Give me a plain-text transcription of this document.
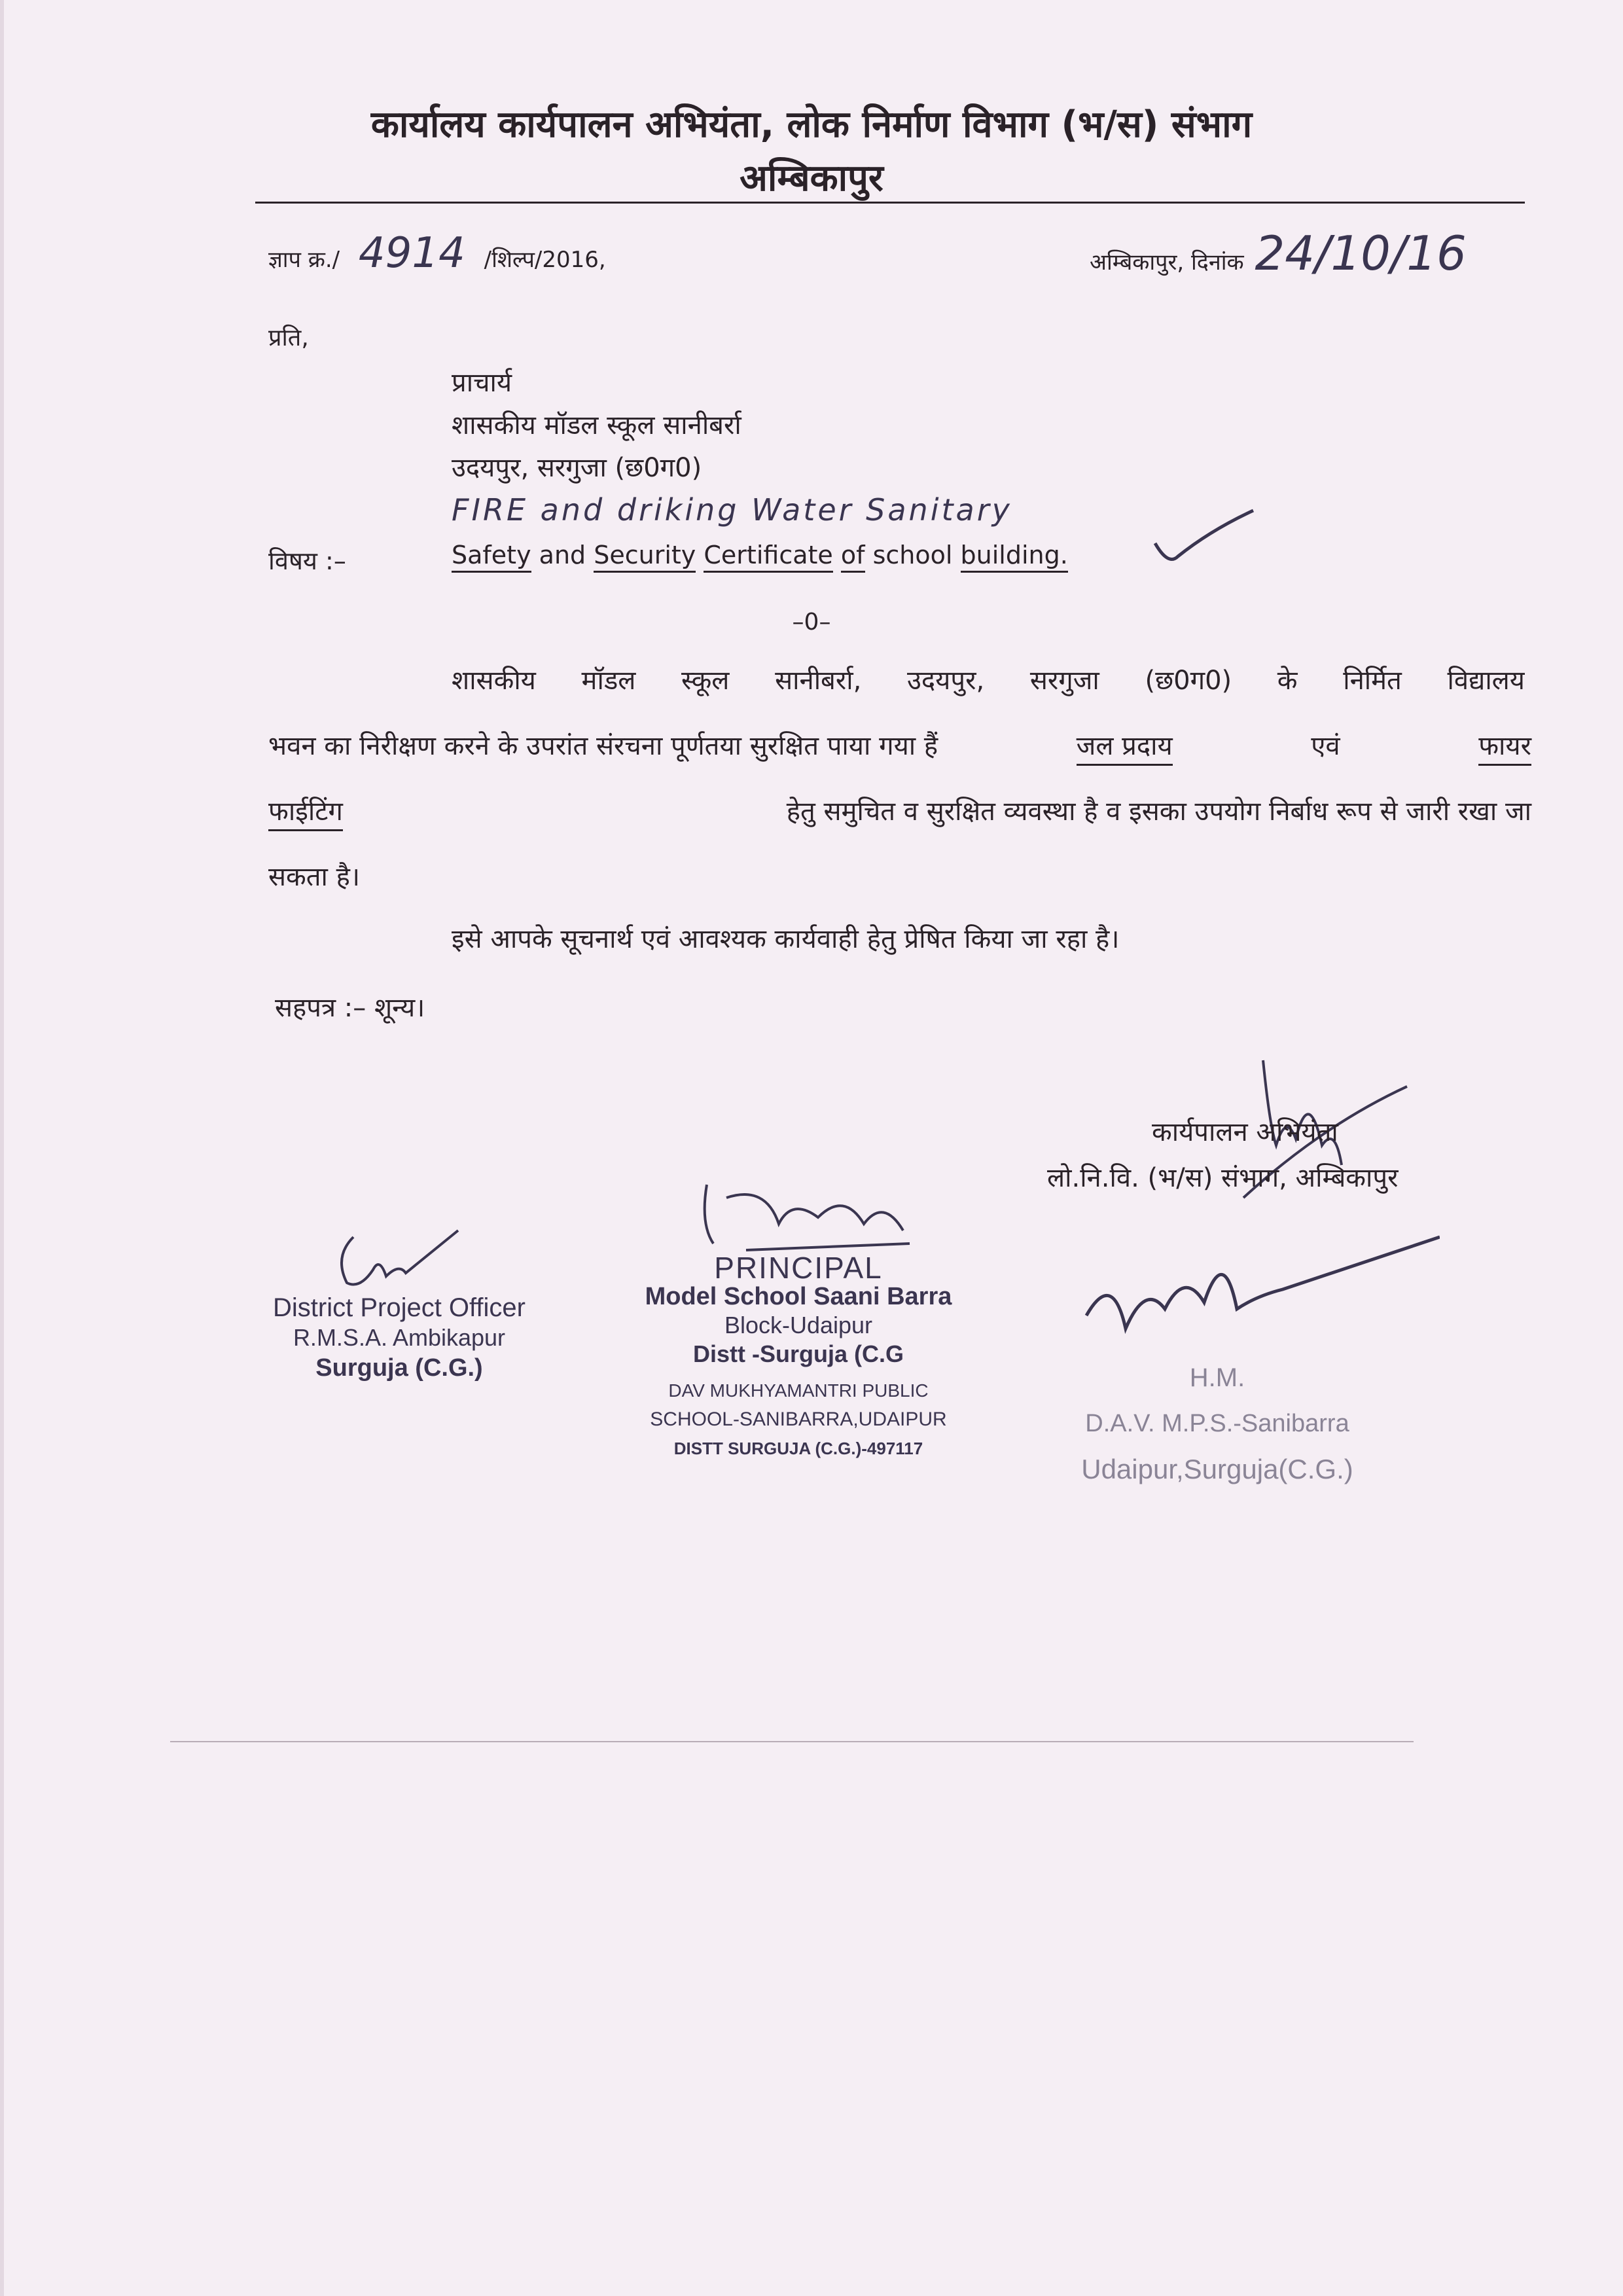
कार्यालय कार्यपालन अभियंता, लोक निर्माण विभाग (भ/स) संभाग
अम्बिकापुर
ज्ञाप क्र./ 4914 /शिल्प/2016,	अम्बिकापुर, दिनांक 24/10/16
प्रति,
प्राचार्य
शासकीय मॉडल स्कूल सानीबर्रा
उदयपुर, सरगुजा (छ0ग0)
FIRE and driking Water Sanitary
विषय :–	Safety and Security Certificate of school building.
–0–
शासकीय मॉडल स्कूल सानीबर्रा, उदयपुर, सरगुजा (छ0ग0) के निर्मित विद्यालय
भवन का निरीक्षण करने के उपरांत संरचना पूर्णतया सुरक्षित पाया गया हैं	जल प्रदाय	एवं	फायर
फाईटिंग	हेतु समुचित व सुरक्षित व्यवस्था है व इसका उपयोग निर्बाध रूप से जारी रखा जा
सकता है।
इसे आपके सूचनार्थ एवं आवश्यक कार्यवाही हेतु प्रेषित किया जा रहा है।
सहपत्र :– शून्य।
कार्यपालन अभियंता
लो.नि.वि. (भ/स) संभाग, अम्बिकापुर
District Project Officer
R.M.S.A. Ambikapur
Surguja (C.G.)
PRINCIPAL
Model School Saani Barra
Block-Udaipur
Distt -Surguja (C.G
DAV MUKHYAMANTRI PUBLIC
SCHOOL-SANIBARRA,UDAIPUR
DISTT SURGUJA (C.G.)-497117
H.M.
D.A.V. M.P.S.-Sanibarra
Udaipur,Surguja(C.G.)
